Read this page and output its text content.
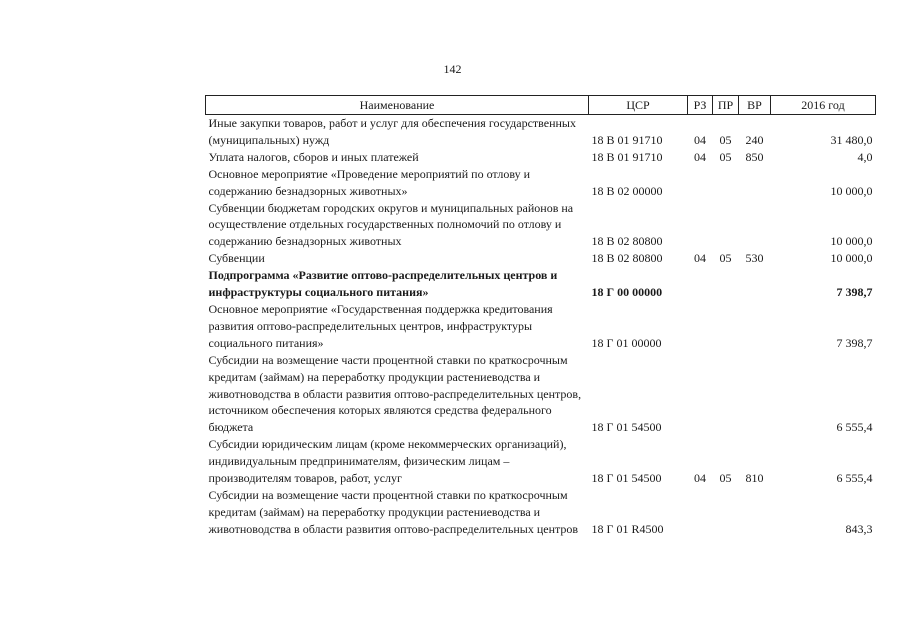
142
Наименование	ЦСР	РЗ	ПР	ВР	2016 год
Иные закупки товаров, работ и услуг для обеспечения государственных (муниципальных) нужд	18 В 01 91710	04	05	240	31 480,0
Уплата налогов, сборов и иных платежей	18 В 01 91710	04	05	850	4,0
Основное мероприятие «Проведение мероприятий по отлову и содержанию безнадзорных животных»	18 В 02 00000				10 000,0
Субвенции бюджетам городских округов и муниципальных районов на осуществление отдельных государственных полномочий по отлову и содержанию безнадзорных животных	18 В 02 80800				10 000,0
Субвенции	18 В 02 80800	04	05	530	10 000,0
Подпрограмма «Развитие оптово-распределительных центров и инфраструктуры социального питания»	18 Г 00 00000				7 398,7
Основное мероприятие «Государственная поддержка кредитования развития оптово-распределительных центров, инфраструктуры социального питания»	18 Г 01 00000				7 398,7
Субсидии на возмещение части процентной ставки по краткосрочным кредитам (займам) на переработку продукции растениеводства и животноводства в области развития оптово-распределительных центров, источником обеспечения которых являются средства федерального бюджета	18 Г 01 54500				6 555,4
Субсидии юридическим лицам (кроме некоммерческих организаций), индивидуальным предпринимателям, физическим лицам – производителям товаров, работ, услуг	18 Г 01 54500	04	05	810	6 555,4
Субсидии на возмещение части процентной ставки по краткосрочным кредитам (займам) на переработку продукции растениеводства и животноводства в области развития оптово-распределительных центров	18 Г 01 R4500				843,3
